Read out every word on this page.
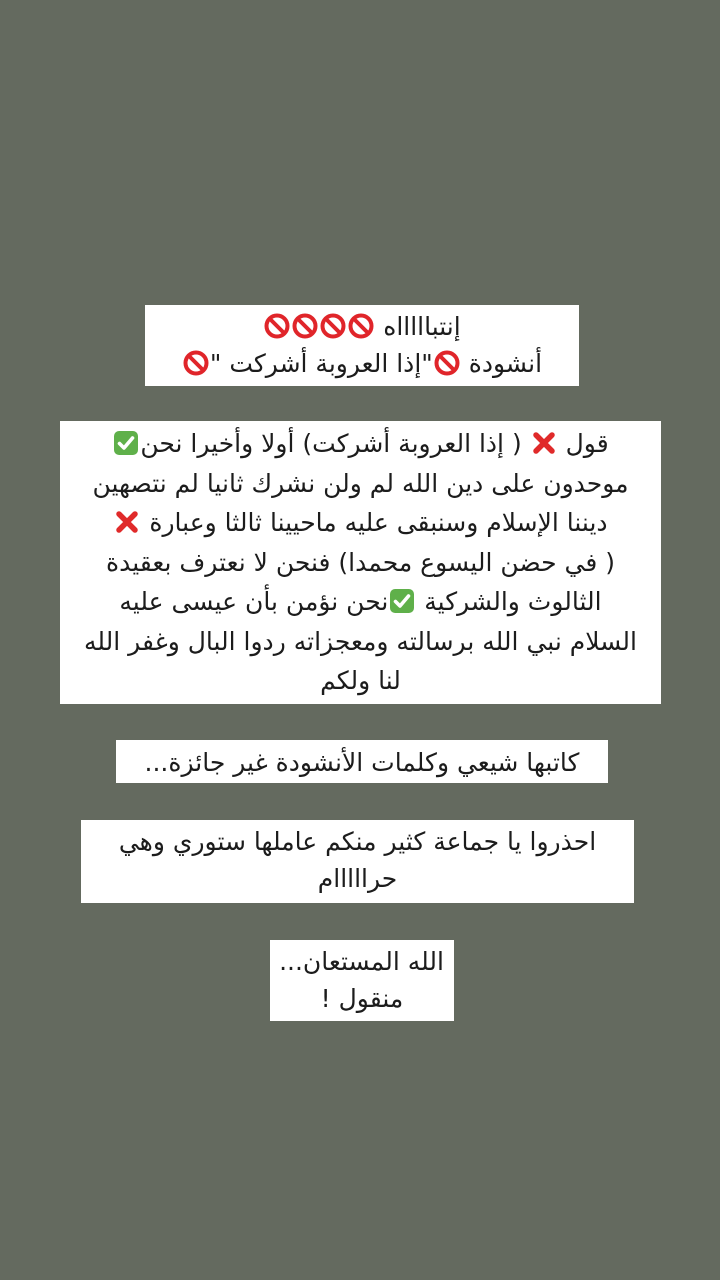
إنتباااااه
أنشودة
"إذا العروبة أشركت "
قول
( إذا العروبة أشركت) أولا وأخيرا نحن
موحدون على دين الله لم ولن نشرك ثانيا لم نتصهين
ديننا الإسلام وسنبقى عليه ماحيينا ثالثا وعبارة
( في حضن اليسوع محمدا) فنحن لا نعترف بعقيدة
الثالوث والشركية
نحن نؤمن بأن عيسى عليه
السلام نبي الله برسالته ومعجزاته ردوا البال وغفر الله
لنا ولكم
كاتبها شيعي وكلمات الأنشودة غير جائزة...
احذروا يا جماعة كثير منكم عاملها ستوري وهي
حرااااام
الله المستعان...
منقول !
